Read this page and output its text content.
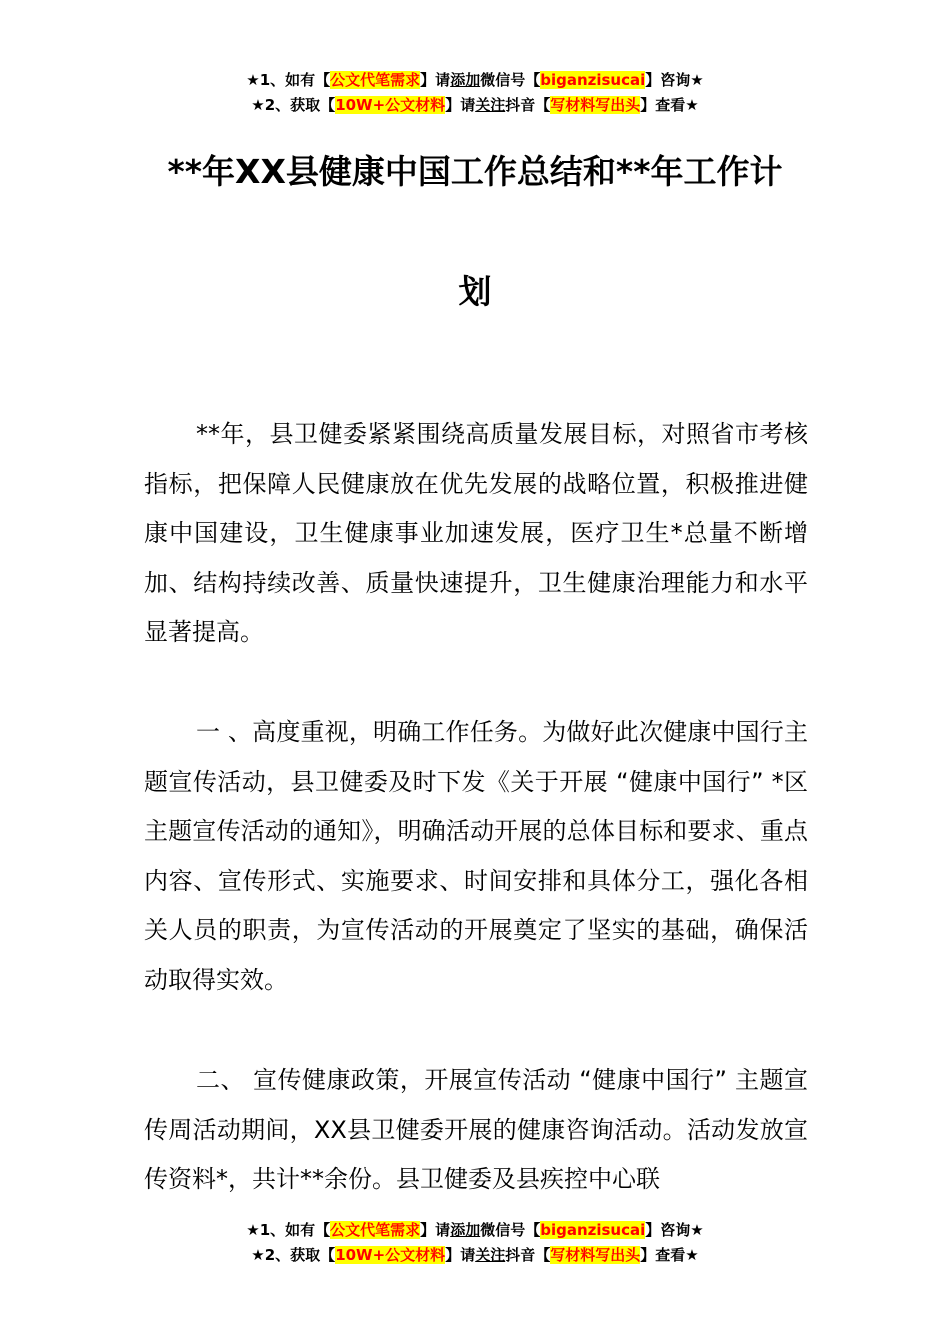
★1、如有【公文代笔需求】请添加微信号【biganzisucai】咨询★
★2、获取【10W+公文材料】请关注抖音【写材料写出头】查看★
**年XX县健康中国工作总结和**年工作计
划

**年，县卫健委紧紧围绕高质量发展目标，对照省市考核指标，把保障人民健康放在优先发展的战略位置，积极推进健康中国建设，卫生健康事业加速发展，医疗卫生*总量不断增加、结构持续改善、质量快速提升，卫生健康治理能力和水平显著提高。

一 、高度重视，明确工作任务。为做好此次健康中国行主题宣传活动，县卫健委及时下发《关于开展 “健康中国行” *区主题宣传活动的通知》，明确活动开展的总体目标和要求、重点内容、宣传形式、实施要求、时间安排和具体分工，强化各相关人员的职责，为宣传活动的开展奠定了坚实的基础，确保活动取得实效。

二、 宣传健康政策，开展宣传活动 “健康中国行” 主题宣传周活动期间，XX县卫健委开展的健康咨询活动。活动发放宣传资料*，共计**余份。县卫健委及县疾控中心联

★1、如有【公文代笔需求】请添加微信号【biganzisucai】咨询★
★2、获取【10W+公文材料】请关注抖音【写材料写出头】查看★
